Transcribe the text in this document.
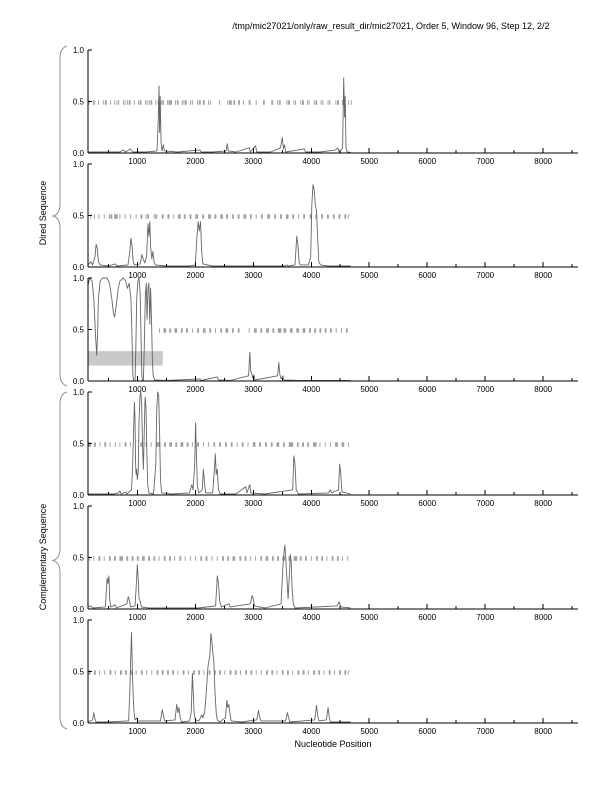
/tmp/mic27021/only/raw_result_dir/mic27021, Order 5, Window 96, Step 12, 2/2
Dired Sequence
Complementary Sequence
0.0
0.5
1.0
1000	2000	3000	4000	5000	6000	7000	8000
0.0
0.5
1.0
1000	2000	3000	4000	5000	6000	7000	8000
0.0
0.5
1.0
1000	2000	3000	4000	5000	6000	7000	8000
0.0
0.5
1.0
1000	2000	3000	4000	5000	6000	7000	8000
0.0
0.5
1.0
1000	2000	3000	4000	5000	6000	7000	8000
0.0
0.5
1.0
1000	2000	3000	4000	5000	6000	7000	8000
Nucleotide Position
